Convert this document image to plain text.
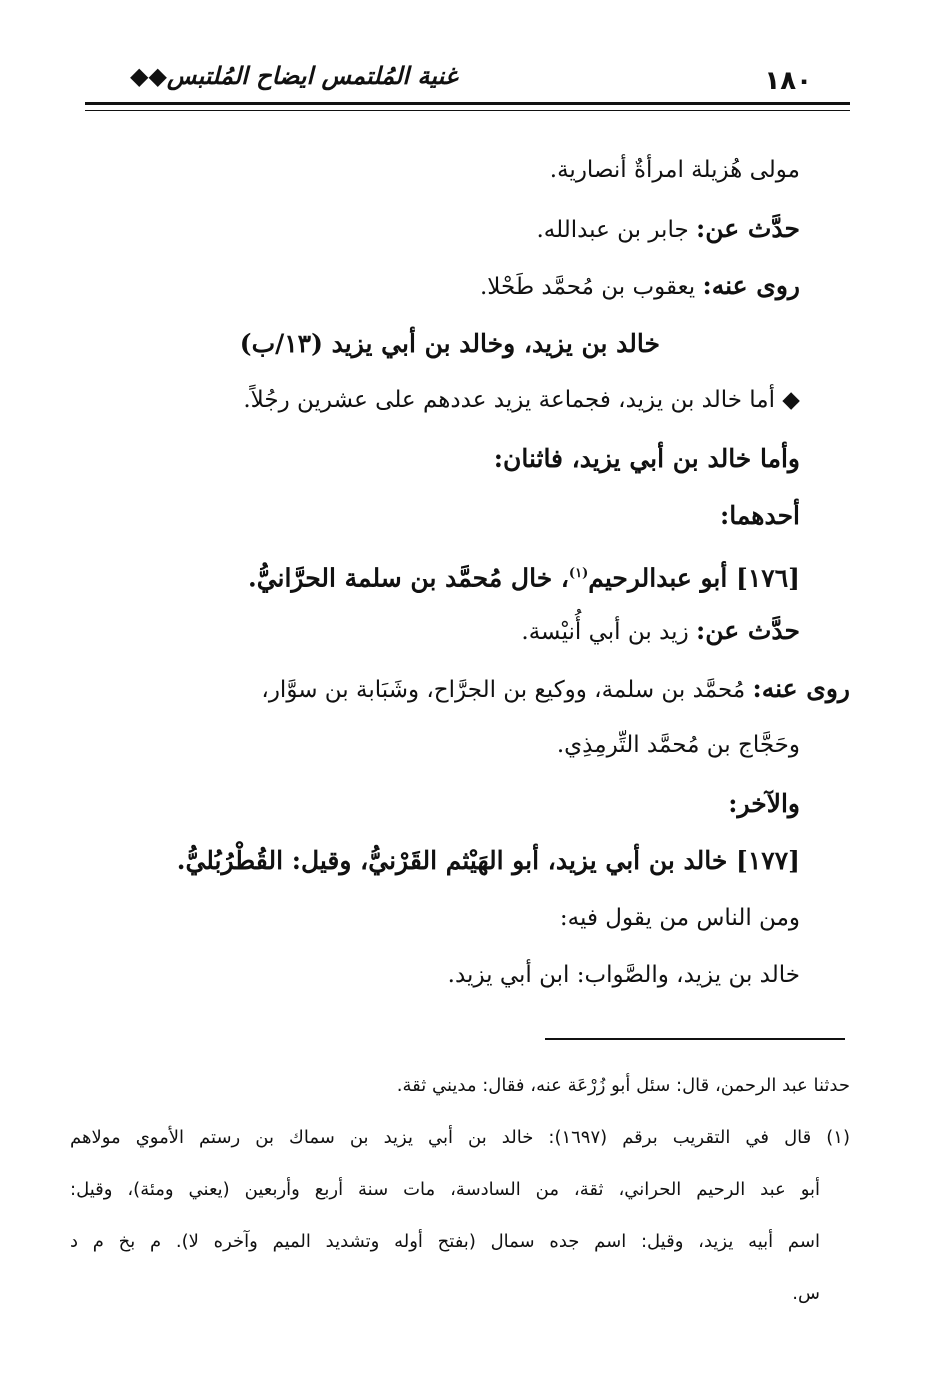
١٨٠
غنية المُلتمس ايضاح المُلتبس◆◆
مولى هُزيلة امرأةٌ أنصارية.
حدَّث عن: جابر بن عبدالله.
روى عنه: يعقوب بن مُحمَّد طَحْلا.
خالد بن يزيد، وخالد بن أبي يزيد (١٣/ب)
◆ أما خالد بن يزيد، فجماعة يزيد عددهم على عشرين رجُلاً.
وأما خالد بن أبي يزيد، فاثنان:
أحدهما:
[١٧٦] أبو عبدالرحيم$^{(١)}$، خال مُحمَّد بن سلمة الحرَّانيُّ.
حدَّث عن: زيد بن أبي أُنيْسة.
روى عنه: مُحمَّد بن سلمة، ووكيع بن الجرَّاح، وشَبَابة بن سوَّار،
وحَجَّاج بن مُحمَّد التِّرمِذِي.
والآخر:
[١٧٧] خالد بن أبي يزيد، أبو الهَيْثم القَرْنيُّ، وقيل: القُطْرُبُليُّ.
ومن الناس من يقول فيه:
خالد بن يزيد، والصَّواب: ابن أبي يزيد.
حدثنا عبد الرحمن، قال: سئل أبو زُرْعَة عنه، فقال: مديني ثقة.
(١) قال في التقريب برقم (١٦٩٧): خالد بن أبي يزيد بن سماك بن رستم الأموي مولاهم
أبو عبد الرحيم الحراني، ثقة، من السادسة، مات سنة أربع وأربعين (يعني ومئة)، وقيل:
اسم أبيه يزيد، وقيل: اسم جده سمال (بفتح أوله وتشديد الميم وآخره لا). م بخ م د
س.
